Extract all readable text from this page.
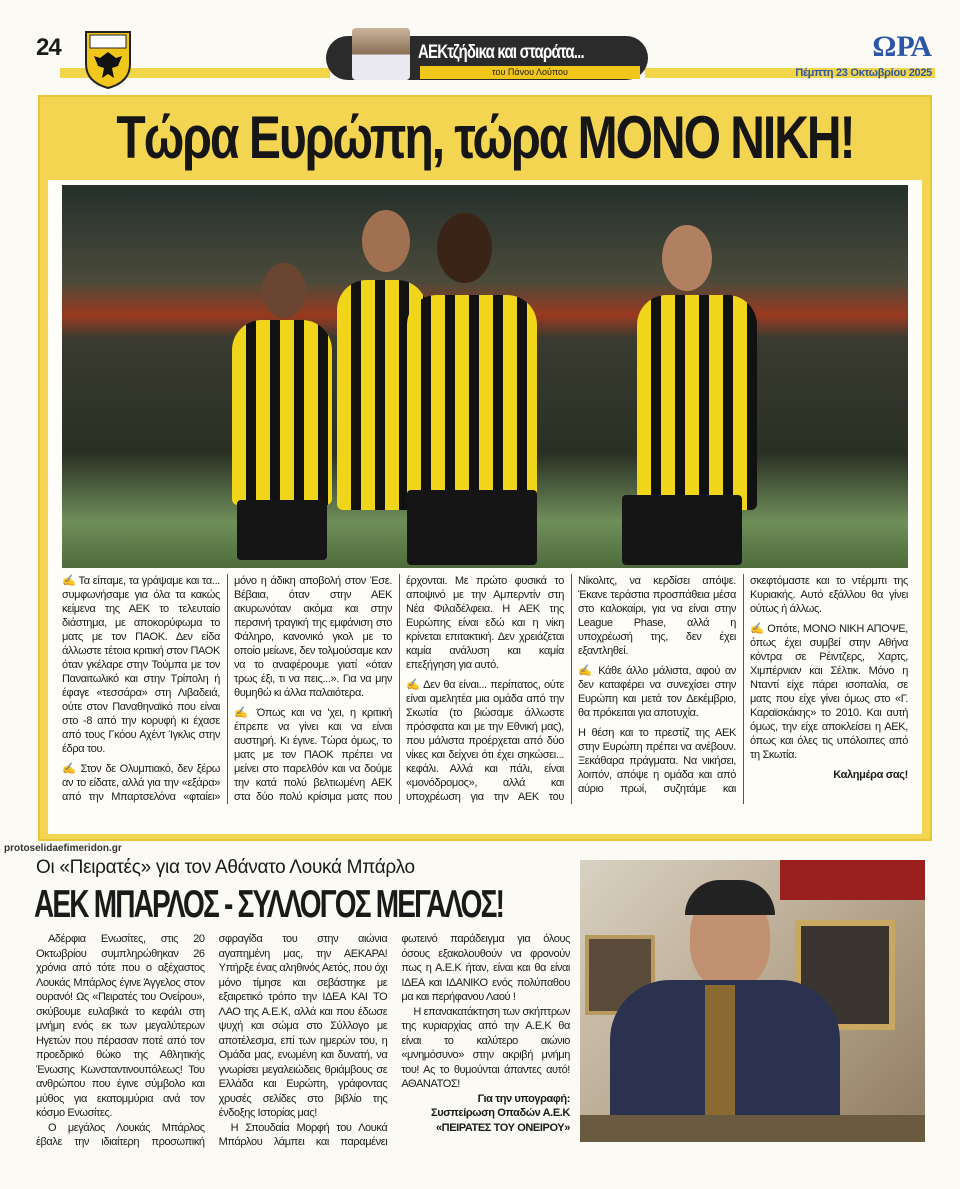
24	ΑΕΚτζήδικα και σταράτα...
του Πάνου Λούπου
ΩΡΑ
Πέμπτη 23 Οκτωβρίου 2025
Τώρα Ευρώπη, τώρα ΜΟΝΟ ΝΙΚΗ!

✍ Τα είπαμε, τα γράψαμε και τα... συμφωνήσαμε για όλα τα κακώς κείμενα της ΑΕΚ το τελευταίο διάστημα, με αποκορύφωμα το ματς με τον ΠΑΟΚ. Δεν είδα άλλωστε τέτοια κριτική στον ΠΑΟΚ όταν γκέλαρε στην Τούμπα με τον Παναιτωλικό και στην Τρίπολη ή έφαγε «τεσσάρα» στη Λιβαδειά, ούτε στον Παναθηναϊκό που είναι στο -8 από την κορυφή κι έχασε από τους Γκόου Αχέντ Ίγκλις στην έδρα του.

✍ Στον δε Ολυμπιακό, δεν ξέρω αν το είδατε, αλλά για την «εξάρα» από την Μπαρτσελόνα «φταίει» μόνο η άδικη αποβολή στον Έσε. Βέβαια, όταν στην ΑΕΚ ακυρωνόταν ακόμα και στην περσινή τραγική της εμφάνιση στο Φάληρο, κανονικό γκολ με το οποίο μείωνε, δεν τολμούσαμε καν να το αναφέρουμε γιατί «όταν τρως έξι, τι να πεις...». Για να μην θυμηθώ κι άλλα παλαιότερα.

✍ Όπως και να 'χει, η κριτική έπρεπε να γίνει και να είναι αυστηρή. Κι έγινε. Τώρα όμως, το ματς με τον ΠΑΟΚ πρέπει να μείνει στο παρελθόν και να δούμε την κατά πολύ βελτιωμένη ΑΕΚ στα δύο πολύ κρίσιμα ματς που έρχονται. Με πρώτο φυσικά το αποψινό με την Αμπερντίν στη Νέα Φιλαδέλφεια. Η ΑΕΚ της Ευρώπης είναι εδώ και η νίκη κρίνεται επιτακτική. Δεν χρειάζεται καμία ανάλυση και καμία επεξήγηση για αυτό.

✍ Δεν θα είναι... περίπατος, ούτε είναι αμελητέα μια ομάδα από την Σκωτία (το βιώσαμε άλλωστε πρόσφατα και με την Εθνική μας), που μάλιστα προέρχεται από δύο νίκες και δείχνει ότι έχει σηκώσει... κεφάλι. Αλλά και πάλι, είναι «μονόδρομος», αλλά και υποχρέωση για την ΑΕΚ του Νίκολιτς, να κερδίσει απόψε. Έκανε τεράστια προσπάθεια μέσα στο καλοκαίρι, για να είναι στην League Phase, αλλά η υποχρέωσή της, δεν έχει εξαντληθεί.

✍ Κάθε άλλο μάλιστα, αφού αν δεν καταφέρει να συνεχίσει στην Ευρώπη και μετά τον Δεκέμβριο, θα πρόκειται για αποτυχία.

Η θέση και το πρεστίζ της ΑΕΚ στην Ευρώπη πρέπει να ανέβουν. Ξεκάθαρα πράγματα. Να νικήσει, λοιπόν, απόψε η ομάδα και από αύριο πρωί, συζητάμε και σκεφτόμαστε και το ντέρμπι της Κυριακής. Αυτό εξάλλου θα γίνει ούτως ή άλλως.

✍ Οπότε, ΜΟΝΟ ΝΙΚΗ ΑΠΟΨΕ, όπως έχει συμβεί στην Αθήνα κόντρα σε Ρέιντζερς, Χαρτς, Χιμπέρνιαν και Σέλτικ. Μόνο η Νταντί είχε πάρει ισοπαλία, σε ματς που είχε γίνει όμως στο «Γ. Καραϊσκάκης» το 2010. Και αυτή όμως, την είχε αποκλείσει η ΑΕΚ, όπως και όλες τις υπόλοιπες από τη Σκωτία.

Καλημέρα σας!

protoselidaefimeridon.gr
Οι «Πειρατές» για τον Αθάνατο Λουκά Μπάρλο
ΑΕΚ ΜΠΑΡΛΟΣ - ΣΥΛΛΟΓΟΣ ΜΕΓΑΛΟΣ!

Αδέρφια Ενωσίτες, στις 20 Οκτωβρίου συμπληρώθηκαν 26 χρόνια από τότε που ο αξέχαστος Λουκάς Μπάρλος έγινε Άγγελος στον ουρανό! Ως «Πειρατές του Ονείρου», σκύβουμε ευλαβικά το κεφάλι στη μνήμη ενός εκ των μεγαλύτερων Ηγετών που πέρασαν ποτέ από τον προεδρικό θώκο της Αθλητικής Ένωσης Κωνσταντινουπόλεως! Του ανθρώπου που έγινε σύμβολο και μύθος για εκατομμύρια ανά τον κόσμο Ενωσίτες.

Ο μεγάλος Λουκάς Μπάρλος έβαλε την ιδιαίτερη προσωπική σφραγίδα του στην αιώνια αγαπημένη μας, την ΑΕΚΑΡΑ! Υπήρξε ένας αληθινός Αετός, που όχι μόνο τίμησε και σεβάστηκε με εξαιρετικό τρόπο την ΙΔΕΑ ΚΑΙ ΤΟ ΛΑΟ της Α.Ε.Κ, αλλά και που έδωσε ψυχή και σώμα στο Σύλλογο με αποτέλεσμα, επί των ημερών του, η Ομάδα μας, ενωμένη και δυνατή, να γνωρίσει μεγαλειώδεις θριάμβους σε Ελλάδα και Ευρώπη, γράφοντας χρυσές σελίδες στο βιβλίο της ένδοξης Ιστορίας μας!

Η Σπουδαία Μορφή του Λουκά Μπάρλου λάμπει και παραμένει φωτεινό παράδειγμα για όλους όσους εξακολουθούν να φρονούν πως η Α.Ε.Κ ήταν, είναι και θα είναι ΙΔΕΑ και ΙΔΑΝΙΚΟ ενός πολύπαθου μα και περήφανου Λαού !

Η επανακατάκτηση των σκήπτρων της κυριαρχίας από την Α.Ε.Κ θα είναι το καλύτερο αιώνιο «μνημόσυνο» στην ακριβή μνήμη του! Ας το θυμούνται άπαντες αυτό! ΑΘΑΝΑΤΟΣ!

Για την υπογραφή:
Συσπείρωση Οπαδών Α.Ε.Κ
«ΠΕΙΡΑΤΕΣ ΤΟΥ ΟΝΕΙΡΟΥ»
